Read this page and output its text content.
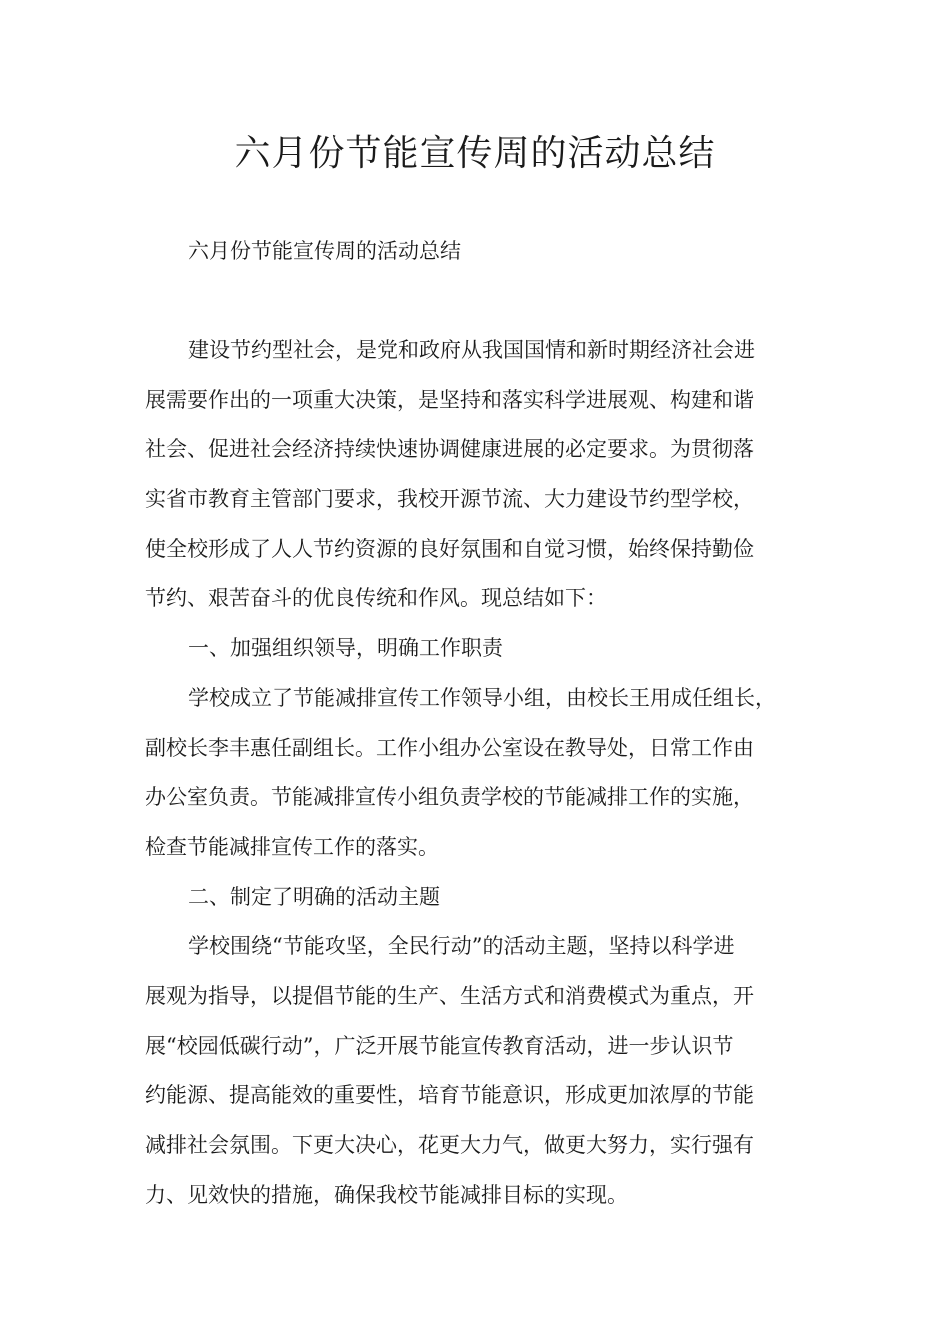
六月份节能宣传周的活动总结

六月份节能宣传周的活动总结

建设节约型社会，是党和政府从我国国情和新时期经济社会进
展需要作出的一项重大决策，是坚持和落实科学进展观、构建和谐
社会、促进社会经济持续快速协调健康进展的必定要求。为贯彻落
实省市教育主管部门要求，我校开源节流、大力建设节约型学校，
使全校形成了人人节约资源的良好氛围和自觉习惯，始终保持勤俭
节约、艰苦奋斗的优良传统和作风。现总结如下：
一、加强组织领导，明确工作职责
学校成立了节能减排宣传工作领导小组，由校长王用成任组长，
副校长李丰惠任副组长。工作小组办公室设在教导处，日常工作由
办公室负责。节能减排宣传小组负责学校的节能减排工作的实施，
检查节能减排宣传工作的落实。
二、制定了明确的活动主题
学校围绕“节能攻坚，全民行动”的活动主题，坚持以科学进
展观为指导，以提倡节能的生产、生活方式和消费模式为重点，开
展“校园低碳行动”，广泛开展节能宣传教育活动，进一步认识节
约能源、提高能效的重要性，培育节能意识，形成更加浓厚的节能
减排社会氛围。下更大决心，花更大力气，做更大努力，实行强有
力、见效快的措施，确保我校节能减排目标的实现。
